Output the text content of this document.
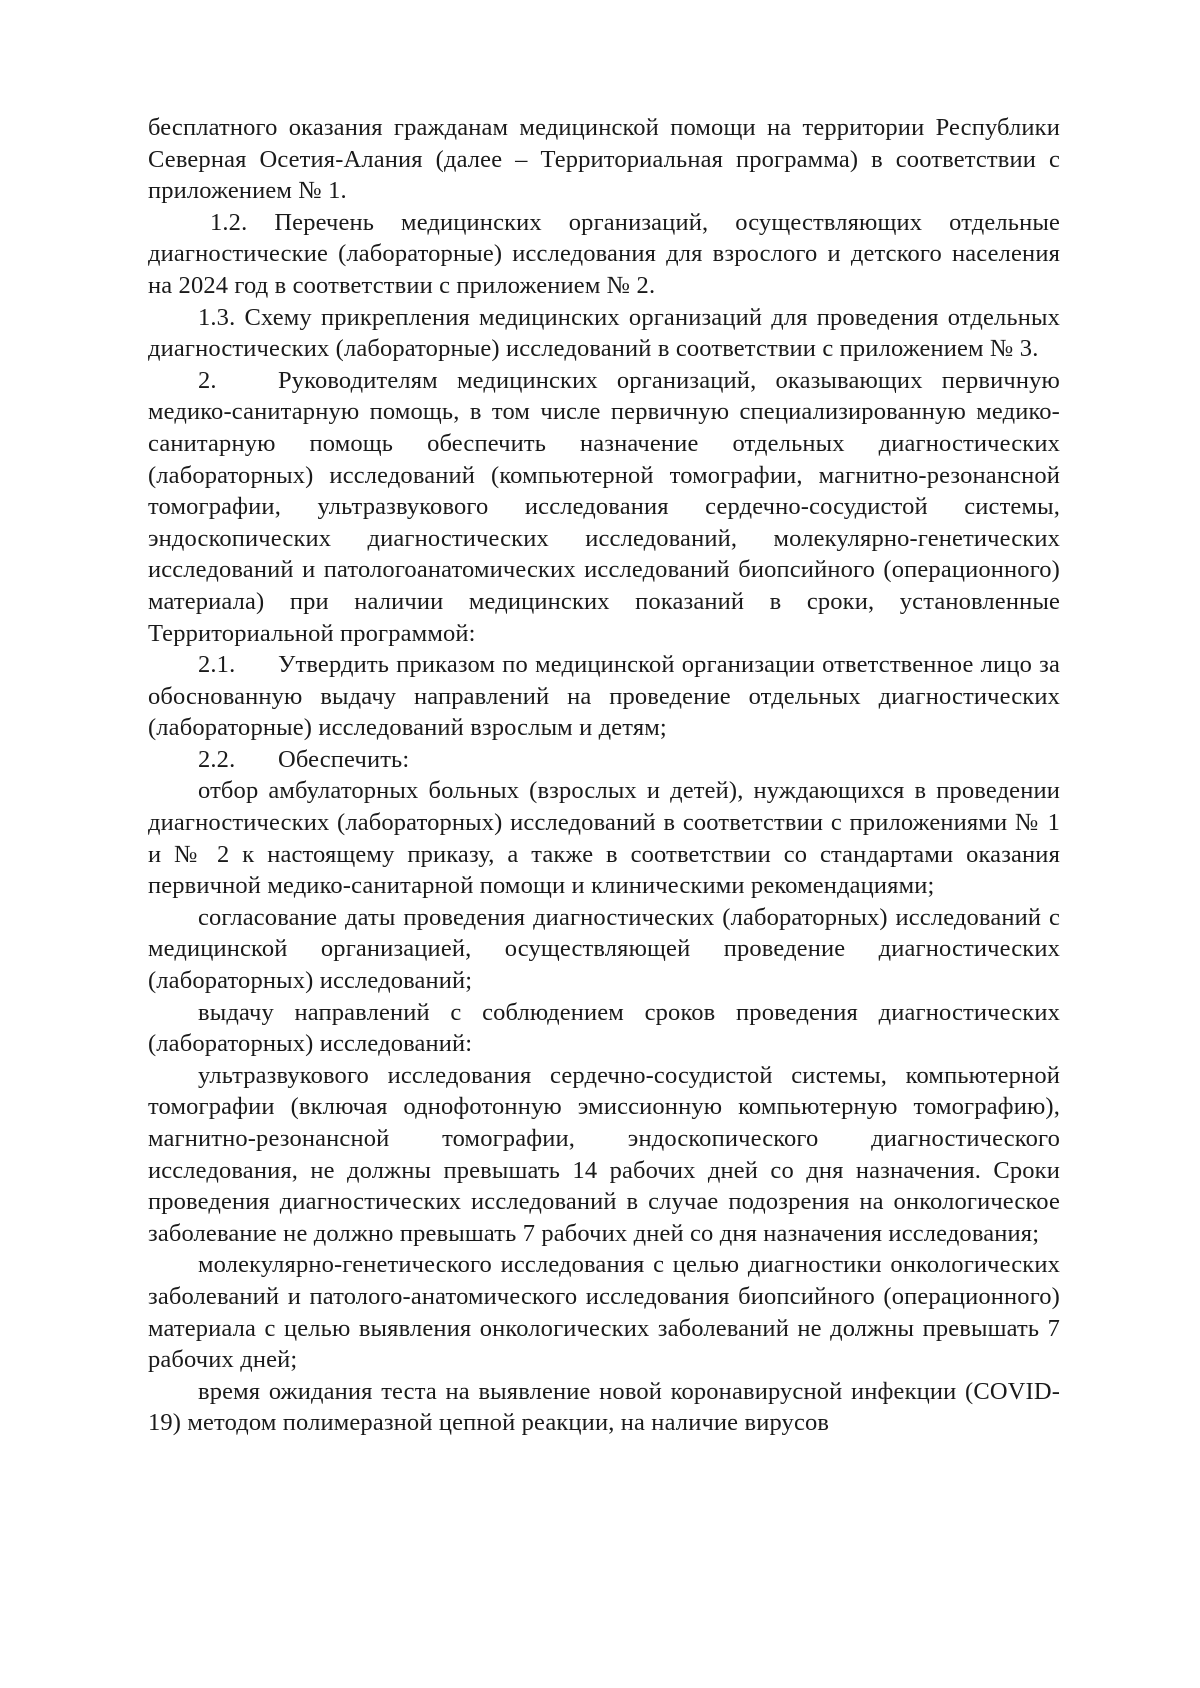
бесплатного оказания гражданам медицинской помощи на территории Республики Северная Осетия-Алания (далее – Территориальная программа) в соответствии с приложением № 1.

1.2. Перечень медицинских организаций, осуществляющих отдельные диагностические (лабораторные) исследования для взрослого и детского населения на 2024 год в соответствии с приложением № 2.

1.3. Схему прикрепления медицинских организаций для проведения отдельных диагностических (лабораторные) исследований в соответствии с приложением № 3.

2.	Руководителям медицинских организаций, оказывающих первичную медико-санитарную помощь, в том числе первичную специализированную медико-санитарную помощь обеспечить назначение отдельных диагностических (лабораторных) исследований (компьютерной томографии, магнитно-резонансной томографии, ультразвукового исследования сердечно-сосудистой системы, эндоскопических диагностических исследований, молекулярно-генетических исследований и патологоанатомических исследований биопсийного (операционного) материала) при наличии медицинских показаний в сроки, установленные Территориальной программой:

2.1. Утвердить приказом по медицинской организации ответственное лицо за обоснованную выдачу направлений на проведение отдельных диагностических (лабораторные) исследований взрослым и детям;

2.2. Обеспечить:

отбор амбулаторных больных (взрослых и детей), нуждающихся в проведении диагностических (лабораторных) исследований в соответствии с приложениями № 1 и № 2 к настоящему приказу, а также в соответствии со стандартами оказания первичной медико-санитарной помощи и клиническими рекомендациями;

согласование даты проведения диагностических (лабораторных) исследований с медицинской организацией, осуществляющей проведение диагностических (лабораторных) исследований;

выдачу направлений с соблюдением сроков проведения диагностических (лабораторных) исследований:

ультразвукового исследования сердечно-сосудистой системы, компьютерной томографии (включая однофотонную эмиссионную компьютерную томографию), магнитно-резонансной томографии, эндоскопического диагностического исследования, не должны превышать 14 рабочих дней со дня назначения. Сроки проведения диагностических исследований в случае подозрения на онкологическое заболевание не должно превышать 7 рабочих дней со дня назначения исследования;

молекулярно-генетического исследования с целью диагностики онкологических заболеваний и патолого-анатомического исследования биопсийного (операционного) материала с целью выявления онкологических заболеваний не должны превышать 7 рабочих дней;

время ожидания теста на выявление новой коронавирусной инфекции (COVID-19) методом полимеразной цепной реакции, на наличие вирусов
